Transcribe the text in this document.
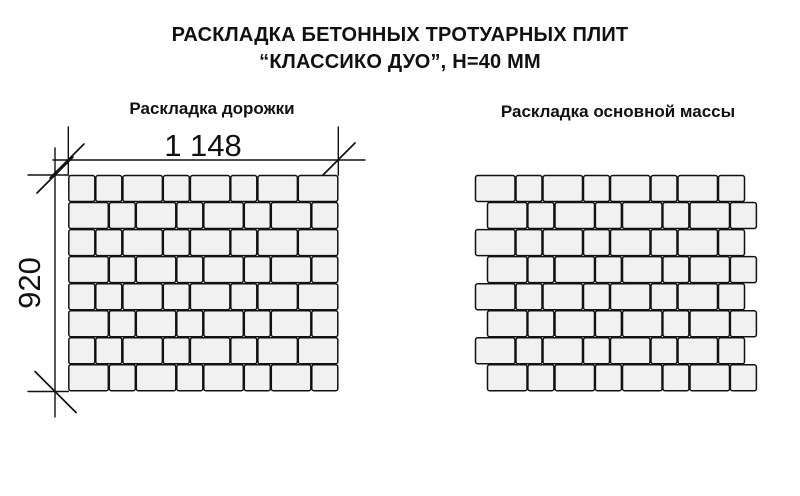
РАСКЛАДКА БЕТОННЫХ ТРОТУАРНЫХ ПЛИТ
“КЛАССИКО ДУО”, Н=40 ММ
Раскладка дорожки	Раскладка основной массы
1 148
920
